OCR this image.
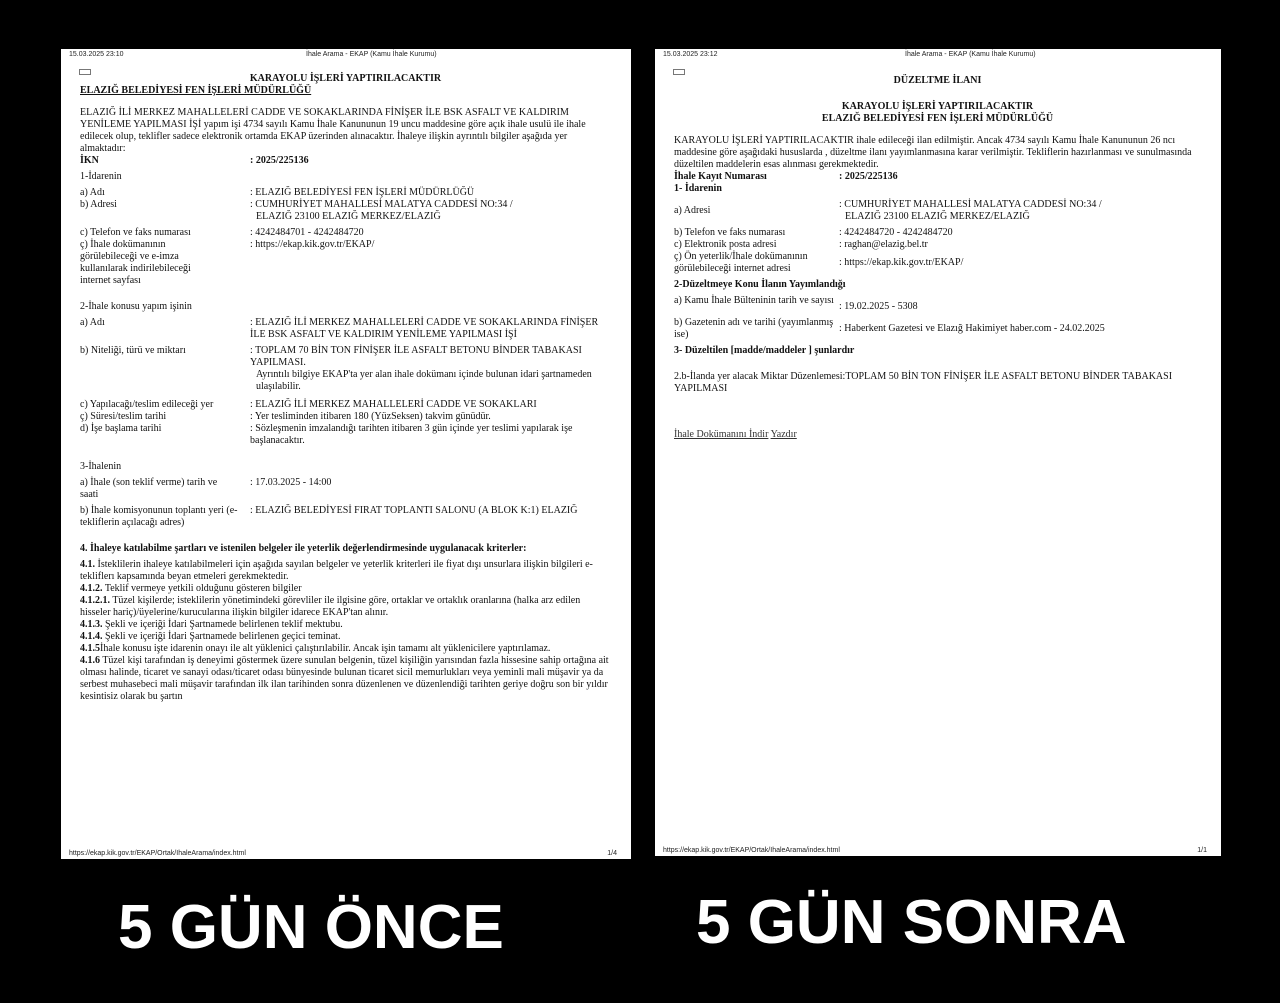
15.03.2025 23:10	İhale Arama - EKAP (Kamu İhale Kurumu)

KARAYOLU İŞLERİ YAPTIRILACAKTIR

ELAZIĞ BELEDİYESİ FEN İŞLERİ MÜDÜRLÜĞÜ

ELAZIĞ İLİ MERKEZ MAHALLELERİ CADDE VE SOKAKLARINDA FİNİŞER İLE BSK ASFALT VE KALDIRIM YENİLEME YAPILMASI İŞİ yapım işi 4734 sayılı Kamu İhale Kanununun 19 uncu maddesine göre açık ihale usulü ile ihale edilecek olup, teklifler sadece elektronik ortamda EKAP üzerinden alınacaktır. İhaleye ilişkin ayrıntılı bilgiler aşağıda yer almaktadır:

İKN	: 2025/225136

1-İdarenin

a) Adı	: ELAZIĞ BELEDİYESİ FEN İŞLERİ MÜDÜRLÜĞÜ
b) Adresi	: CUMHURİYET MAHALLESİ MALATYA CADDESİ NO:34 /
ELAZIĞ 23100 ELAZIĞ MERKEZ/ELAZIĞ
c) Telefon ve faks numarası	: 4242484701 - 4242484720
ç) İhale dokümanının görülebileceği ve e-imza kullanılarak indirilebileceği internet sayfası
: https://ekap.kik.gov.tr/EKAP/

2-İhale konusu yapım işinin

a) Adı	: ELAZIĞ İLİ MERKEZ MAHALLELERİ CADDE VE SOKAKLARINDA FİNİŞER İLE BSK ASFALT VE KALDIRIM YENİLEME YAPILMASI İŞİ
b) Niteliği, türü ve miktarı	: TOPLAM 70 BİN TON FİNİŞER İLE ASFALT BETONU BİNDER TABAKASI YAPILMASI.
Ayrıntılı bilgiye EKAP'ta yer alan ihale dokümanı içinde bulunan idari şartnameden ulaşılabilir.
c) Yapılacağı/teslim edileceği yer	: ELAZIĞ İLİ MERKEZ MAHALLELERİ CADDE VE SOKAKLARI
ç) Süresi/teslim tarihi	: Yer tesliminden itibaren 180 (YüzSeksen) takvim günüdür.
d) İşe başlama tarihi	: Sözleşmenin imzalandığı tarihten itibaren 3 gün içinde yer teslimi yapılarak işe başlanacaktır.

3-İhalenin

a) İhale (son teklif verme) tarih ve saati
: 17.03.2025 - 14:00
b) İhale komisyonunun toplantı yeri (e-tekliflerin açılacağı adres)
: ELAZIĞ BELEDİYESİ FIRAT TOPLANTI SALONU (A BLOK K:1) ELAZIĞ

4. İhaleye katılabilme şartları ve istenilen belgeler ile yeterlik değerlendirmesinde uygulanacak kriterler:

4.1. İsteklilerin ihaleye katılabilmeleri için aşağıda sayılan belgeler ve yeterlik kriterleri ile fiyat dışı unsurlara ilişkin bilgileri e-tekliflerı kapsamında beyan etmeleri gerekmektedir.
4.1.2. Teklif vermeye yetkili olduğunu gösteren bilgiler
4.1.2.1. Tüzel kişilerde; isteklilerin yönetimindeki görevliler ile ilgisine göre, ortaklar ve ortaklık oranlarına (halka arz edilen hisseler hariç)/üyelerine/kurucularına ilişkin bilgiler idarece EKAP'tan alınır.
4.1.3. Şekli ve içeriği İdari Şartnamede belirlenen teklif mektubu.
4.1.4. Şekli ve içeriği İdari Şartnamede belirlenen geçici teminat.
4.1.5İhale konusu işte idarenin onayı ile alt yüklenici çalıştırılabilir. Ancak işin tamamı alt yüklenicilere yaptırılamaz.
4.1.6 Tüzel kişi tarafından iş deneyimi göstermek üzere sunulan belgenin, tüzel kişiliğin yarısından fazla hissesine sahip ortağına ait olması halinde, ticaret ve sanayi odası/ticaret odası bünyesinde bulunan ticaret sicil memurlukları veya yeminli mali müşavir ya da serbest muhasebeci mali müşavir tarafından ilk ilan tarihinden sonra düzenlenen ve düzenlendiği tarihten geriye doğru son bir yıldır kesintisiz olarak bu şartın
https://ekap.kik.gov.tr/EKAP/Ortak/IhaleArama/index.html	1/4
15.03.2025 23:12	İhale Arama - EKAP (Kamu İhale Kurumu)

DÜZELTME İLANI

KARAYOLU İŞLERİ YAPTIRILACAKTIR

ELAZIĞ BELEDİYESİ FEN İŞLERİ MÜDÜRLÜĞÜ

KARAYOLU İŞLERİ YAPTIRILACAKTIR ihale edileceği ilan edilmiştir. Ancak 4734 sayılı Kamu İhale Kanununun 26 ncı maddesine göre aşağıdaki hususlarda , düzeltme ilanı yayımlanmasına karar verilmiştir. Tekliflerin hazırlanması ve sunulmasında düzeltilen maddelerin esas alınması gerekmektedir.

İhale Kayıt Numarası	: 2025/225136

1- İdarenin

a) Adresi
: CUMHURİYET MAHALLESİ MALATYA CADDESİ NO:34 /
ELAZIĞ 23100 ELAZIĞ MERKEZ/ELAZIĞ
b) Telefon ve faks numarası	: 4242484720 - 4242484720
c) Elektronik posta adresi	: raghan@elazig.bel.tr
ç) Ön yeterlik/İhale dokümanının görülebileceği internet adresi
: https://ekap.kik.gov.tr/EKAP/

2-Düzeltmeye Konu İlanın Yayımlandığı

a) Kamu İhale Bülteninin tarih ve sayısı
: 19.02.2025 - 5308
b) Gazetenin adı ve tarihi (yayımlanmış ise)
: Haberkent Gazetesi ve Elazığ Hakimiyet haber.com - 24.02.2025

3- Düzeltilen [madde/maddeler ] şunlardır

2.b-İlanda yer alacak Miktar Düzenlemesi:TOPLAM 50 BİN TON FİNİŞER İLE ASFALT BETONU BİNDER TABAKASI YAPILMASI

İhale Dokümanını İndir Yazdır

https://ekap.kik.gov.tr/EKAP/Ortak/IhaleArama/index.html	1/1
5 GÜN ÖNCE	5 GÜN SONRA
